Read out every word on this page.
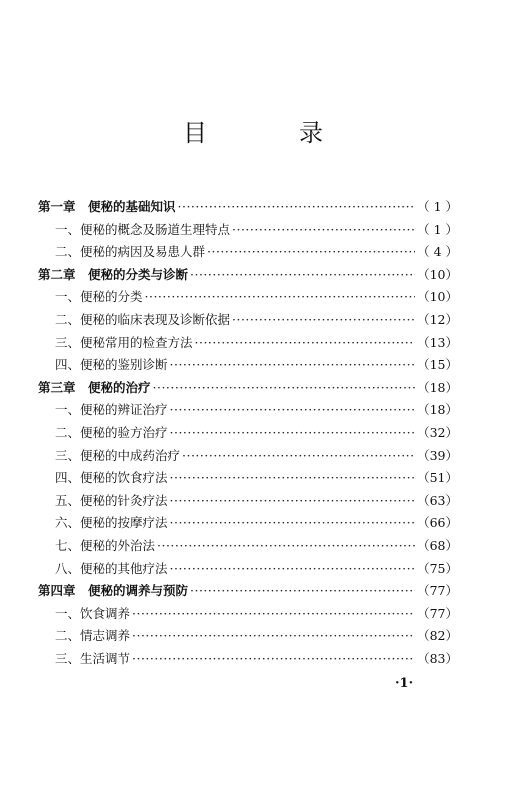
目　录
第一章　便秘的基础知识 ·····	（ 1 ）
一、便秘的概念及肠道生理特点 ·····	（ 1 ）
二、便秘的病因及易患人群 ·····	（ 4 ）
第二章　便秘的分类与诊断 ·····	（10）
一、便秘的分类 ·····	（10）
二、便秘的临床表现及诊断依据 ·····	（12）
三、便秘常用的检查方法 ·····	（13）
四、便秘的鉴别诊断 ·····	（15）
第三章　便秘的治疗 ·····	（18）
一、便秘的辨证治疗 ·····	（18）
二、便秘的验方治疗 ·····	（32）
三、便秘的中成药治疗 ·····	（39）
四、便秘的饮食疗法 ·····	（51）
五、便秘的针灸疗法 ·····	（63）
六、便秘的按摩疗法 ·····	（66）
七、便秘的外治法 ·····	（68）
八、便秘的其他疗法 ·····	（75）
第四章　便秘的调养与预防 ·····	（77）
一、饮食调养 ·····	（77）
二、情志调养 ·····	（82）
三、生活调节 ·····	（83）
·1·
